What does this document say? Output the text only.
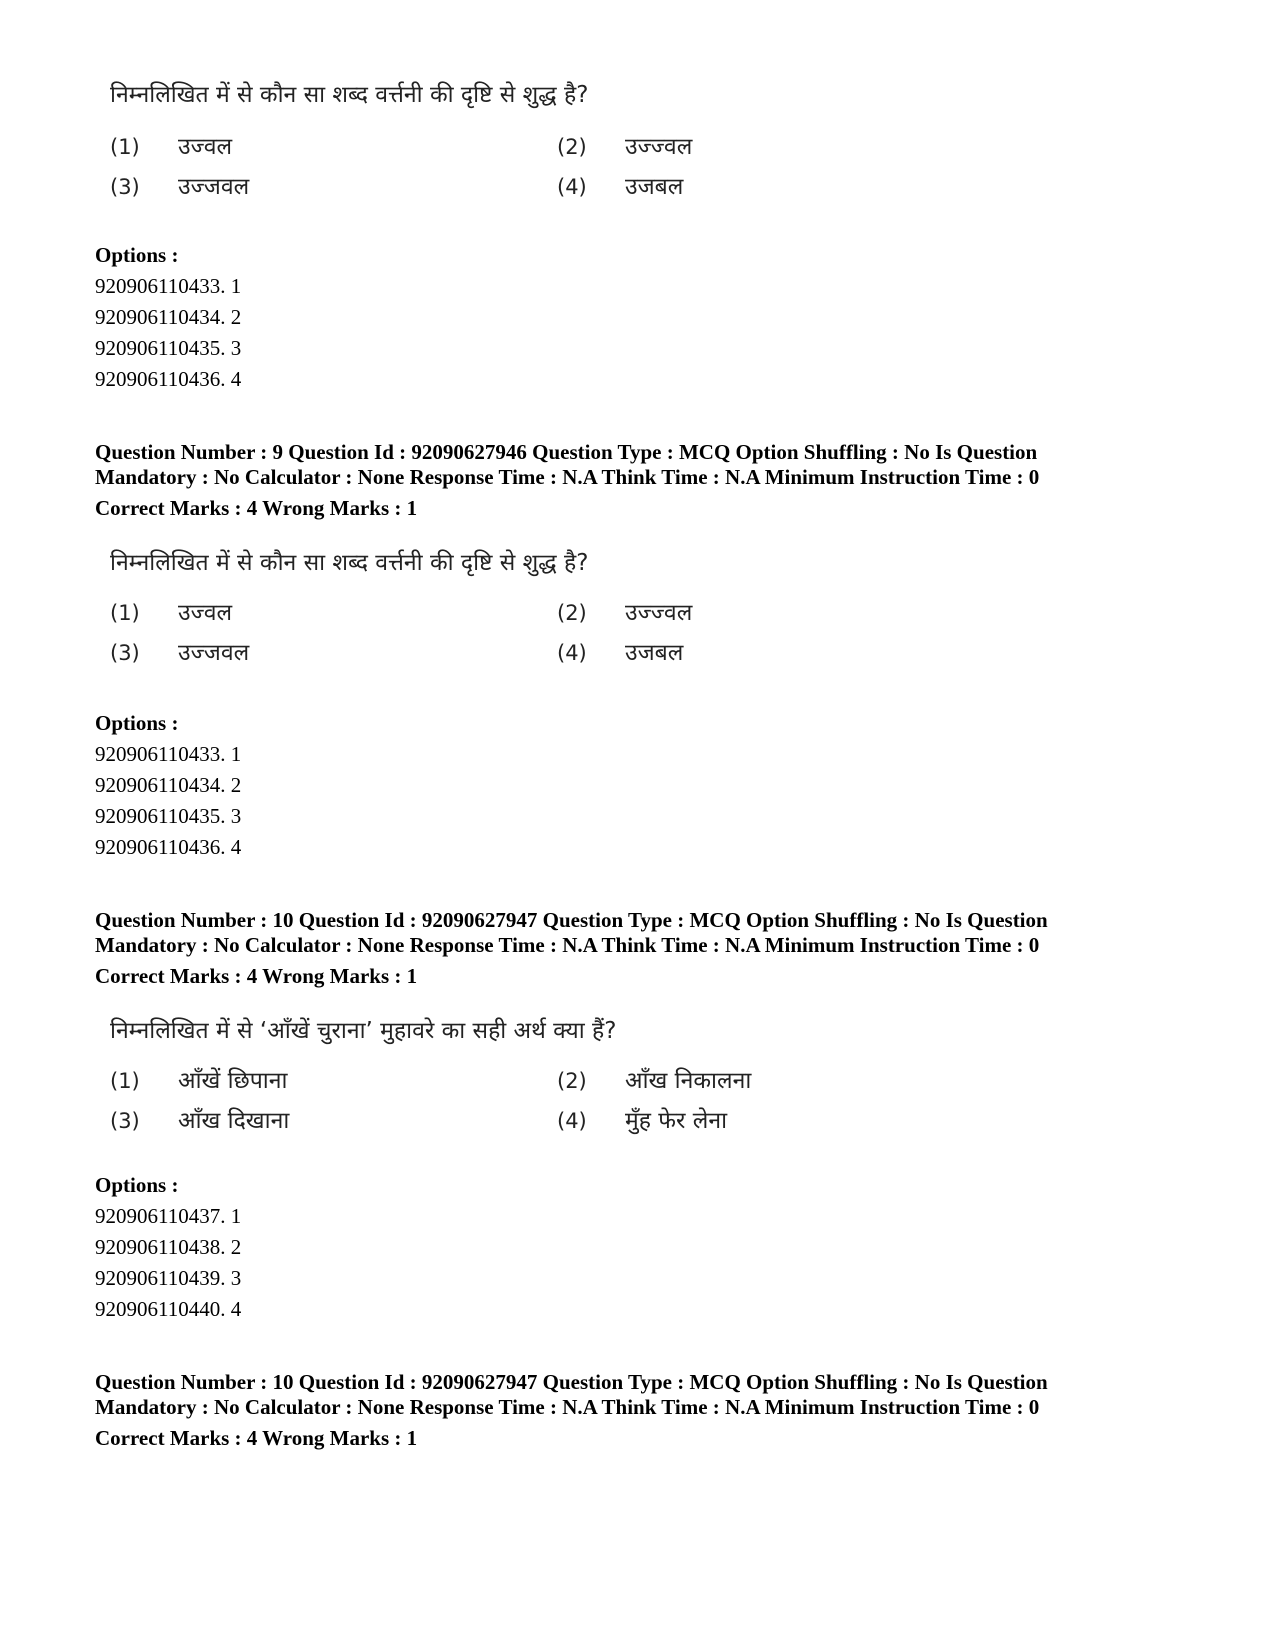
निम्नलिखित में से कौन सा शब्द वर्त्तनी की दृष्टि से शुद्ध है?
(1) उज्वल	(2) उज्ज्वल
(3) उज्जवल	(4) उजबल
Options :
920906110433. 1
920906110434. 2
920906110435. 3
920906110436. 4
Question Number : 9 Question Id : 92090627946 Question Type : MCQ Option Shuffling : No Is Question
Mandatory : No Calculator : None Response Time : N.A Think Time : N.A Minimum Instruction Time : 0
Correct Marks : 4 Wrong Marks : 1
निम्नलिखित में से कौन सा शब्द वर्त्तनी की दृष्टि से शुद्ध है?
(1) उज्वल	(2) उज्ज्वल
(3) उज्जवल	(4) उजबल
Options :
920906110433. 1
920906110434. 2
920906110435. 3
920906110436. 4
Question Number : 10 Question Id : 92090627947 Question Type : MCQ Option Shuffling : No Is Question
Mandatory : No Calculator : None Response Time : N.A Think Time : N.A Minimum Instruction Time : 0
Correct Marks : 4 Wrong Marks : 1
निम्नलिखित में से ‘आँखें चुराना’ मुहावरे का सही अर्थ क्या हैं?
(1) आँखें छिपाना	(2) आँख निकालना
(3) आँख दिखाना	(4) मुँह फेर लेना
Options :
920906110437. 1
920906110438. 2
920906110439. 3
920906110440. 4
Question Number : 10 Question Id : 92090627947 Question Type : MCQ Option Shuffling : No Is Question
Mandatory : No Calculator : None Response Time : N.A Think Time : N.A Minimum Instruction Time : 0
Correct Marks : 4 Wrong Marks : 1
